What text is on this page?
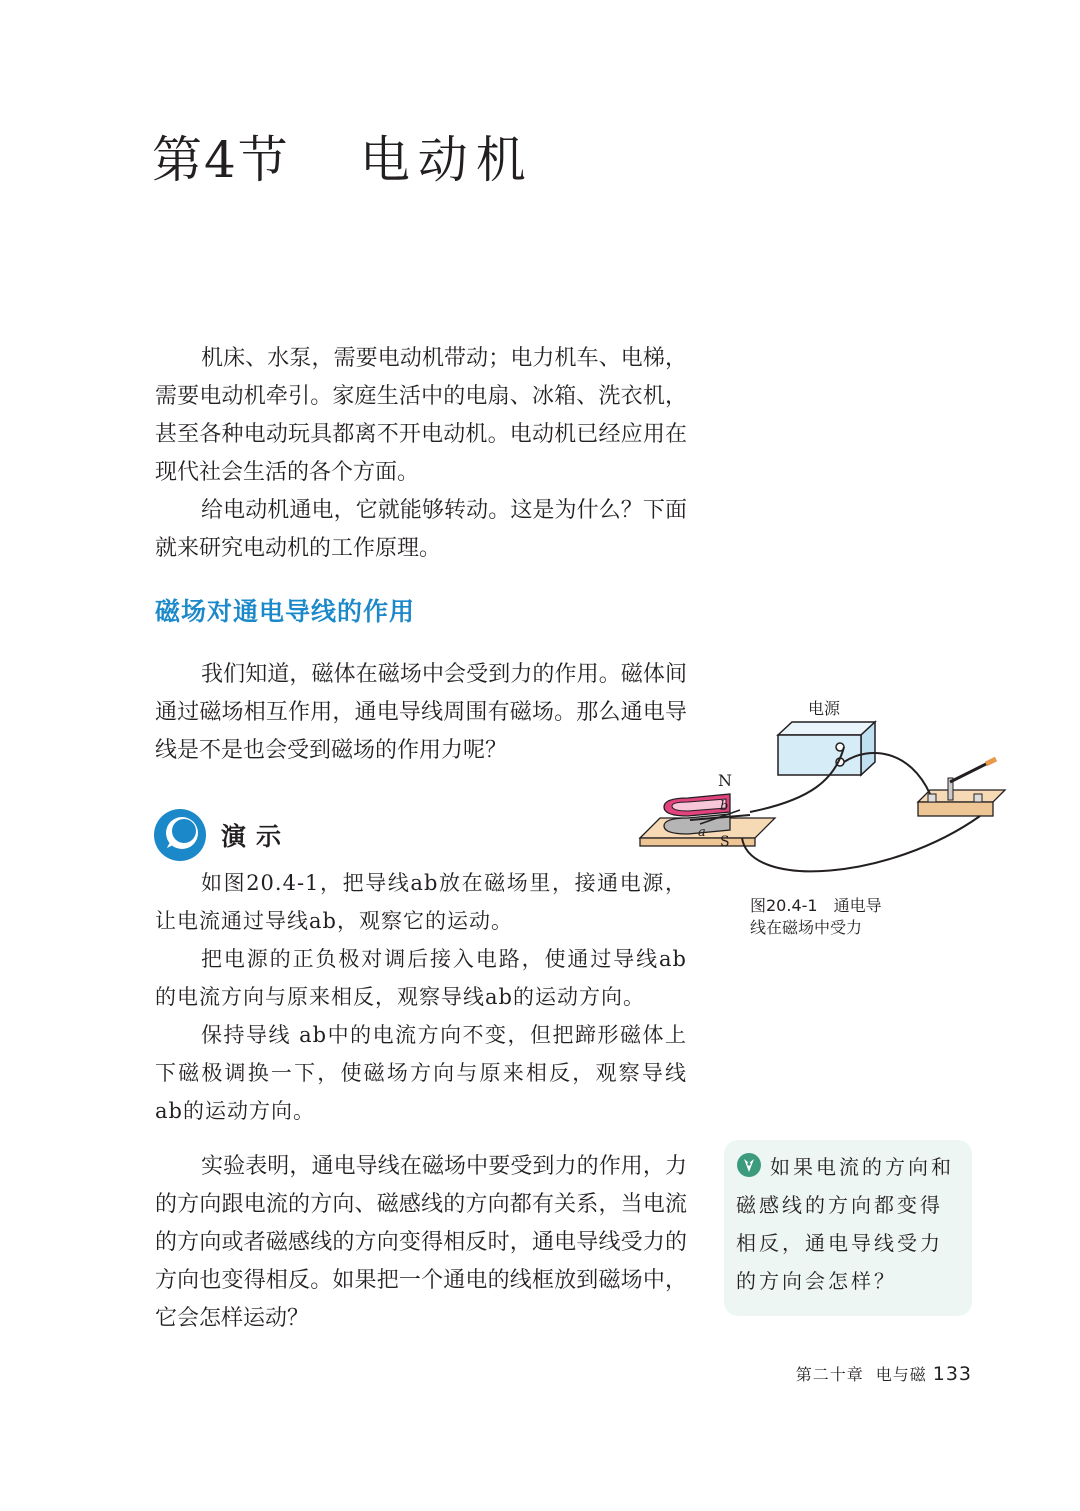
第4节 电动机

机床、水泵，需要电动机带动；电力机车、电梯，需要电动机牵引。家庭生活中的电扇、冰箱、洗衣机，甚至各种电动玩具都离不开电动机。电动机已经应用在现代社会生活的各个方面。

给电动机通电，它就能够转动。这是为什么？下面就来研究电动机的工作原理。

磁场对通电导线的作用

我们知道，磁体在磁场中会受到力的作用。磁体间通过磁场相互作用，通电导线周围有磁场。那么通电导线是不是也会受到磁场的作用力呢？

演示

如图20.4-1，把导线ab放在磁场里，接通电源，让电流通过导线ab，观察它的运动。

把电源的正负极对调后接入电路，使通过导线ab的电流方向与原来相反，观察导线ab的运动方向。

保持导线 ab中的电流方向不变，但把蹄形磁体上下磁极调换一下，使磁场方向与原来相反，观察导线 ab的运动方向。

实验表明，通电导线在磁场中要受到力的作用，力的方向跟电流的方向、磁感线的方向都有关系，当电流的方向或者磁感线的方向变得相反时，通电导线受力的方向也变得相反。如果把一个通电的线框放到磁场中，它会怎样运动？

电源
b
a
N
S
图20.4-1　通电导
线在磁场中受力

如果电流的方向和磁感线的方向都变得相反，通电导线受力的方向会怎样？

第二十章 电与磁 133
